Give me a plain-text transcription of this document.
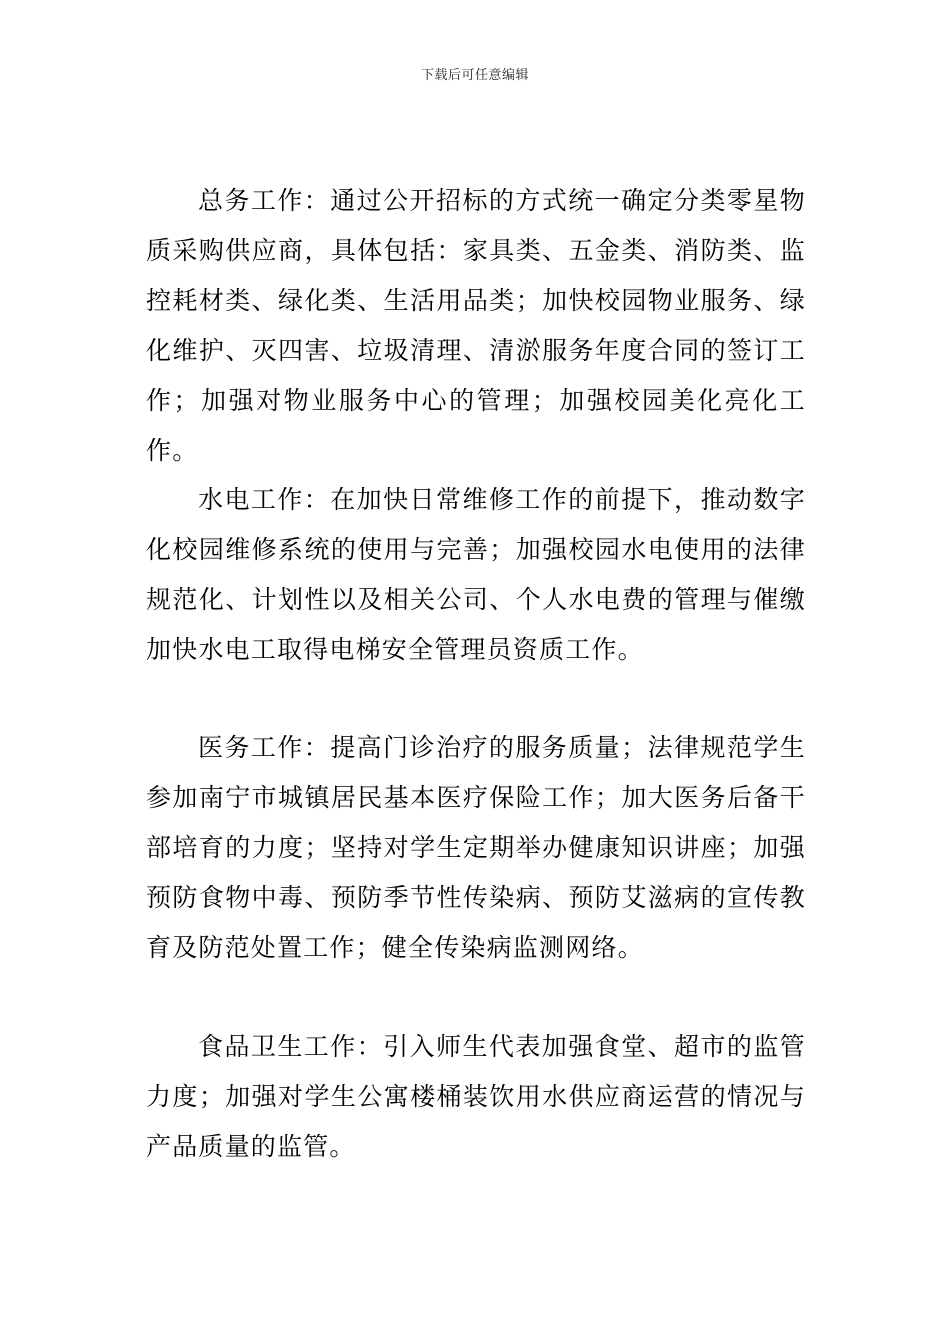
下载后可任意编辑

总务工作：通过公开招标的方式统一确定分类零星物质采购供应商，具体包括：家具类、五金类、消防类、监控耗材类、绿化类、生活用品类；加快校园物业服务、绿化维护、灭四害、垃圾清理、清淤服务年度合同的签订工作；加强对物业服务中心的管理；加强校园美化亮化工作。

水电工作：在加快日常维修工作的前提下，推动数字化校园维修系统的使用与完善；加强校园水电使用的法律规范化、计划性以及相关公司、个人水电费的管理与催缴加快水电工取得电梯安全管理员资质工作。

医务工作：提高门诊治疗的服务质量；法律规范学生参加南宁市城镇居民基本医疗保险工作；加大医务后备干部培育的力度；坚持对学生定期举办健康知识讲座；加强预防食物中毒、预防季节性传染病、预防艾滋病的宣传教育及防范处置工作；健全传染病监测网络。

食品卫生工作：引入师生代表加强食堂、超市的监管力度；加强对学生公寓楼桶装饮用水供应商运营的情况与产品质量的监管。
